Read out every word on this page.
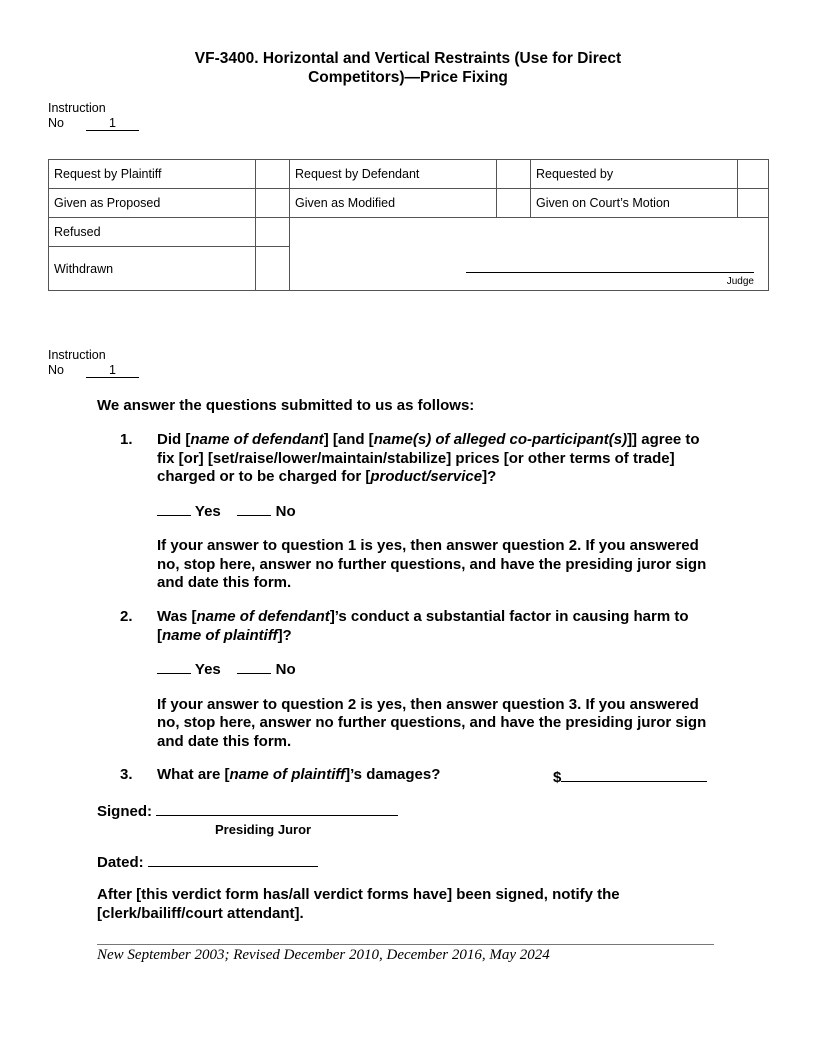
VF-3400. Horizontal and Vertical Restraints (Use for Direct
Competitors)—Price Fixing
Instruction
No	1
Request by Plaintiff		Request by Defendant		Requested by	
Given as Proposed		Given as Modified		Given on Court’s Motion	
Refused		Judge			

Withdrawn					
Instruction
No	1
We answer the questions submitted to us as follows:
1. Did [name of defendant] [and [name(s) of alleged co-participant(s)]] agree to fix [or] [set/raise/lower/maintain/stabilize] prices [or other terms of trade] charged or to be charged for [product/service]?
Yes	No
If your answer to question 1 is yes, then answer question 2. If you answered no, stop here, answer no further questions, and have the presiding juror sign and date this form.
2. Was [name of defendant]’s conduct a substantial factor in causing harm to [name of plaintiff]?
Yes	No
If your answer to question 2 is yes, then answer question 3. If you answered no, stop here, answer no further questions, and have the presiding juror sign and date this form.
3. What are [name of plaintiff]’s damages?	$
Signed:
Presiding Juror
Dated:
After [this verdict form has/all verdict forms have] been signed, notify the [clerk/bailiff/court attendant].
New September 2003; Revised December 2010, December 2016, May 2024
